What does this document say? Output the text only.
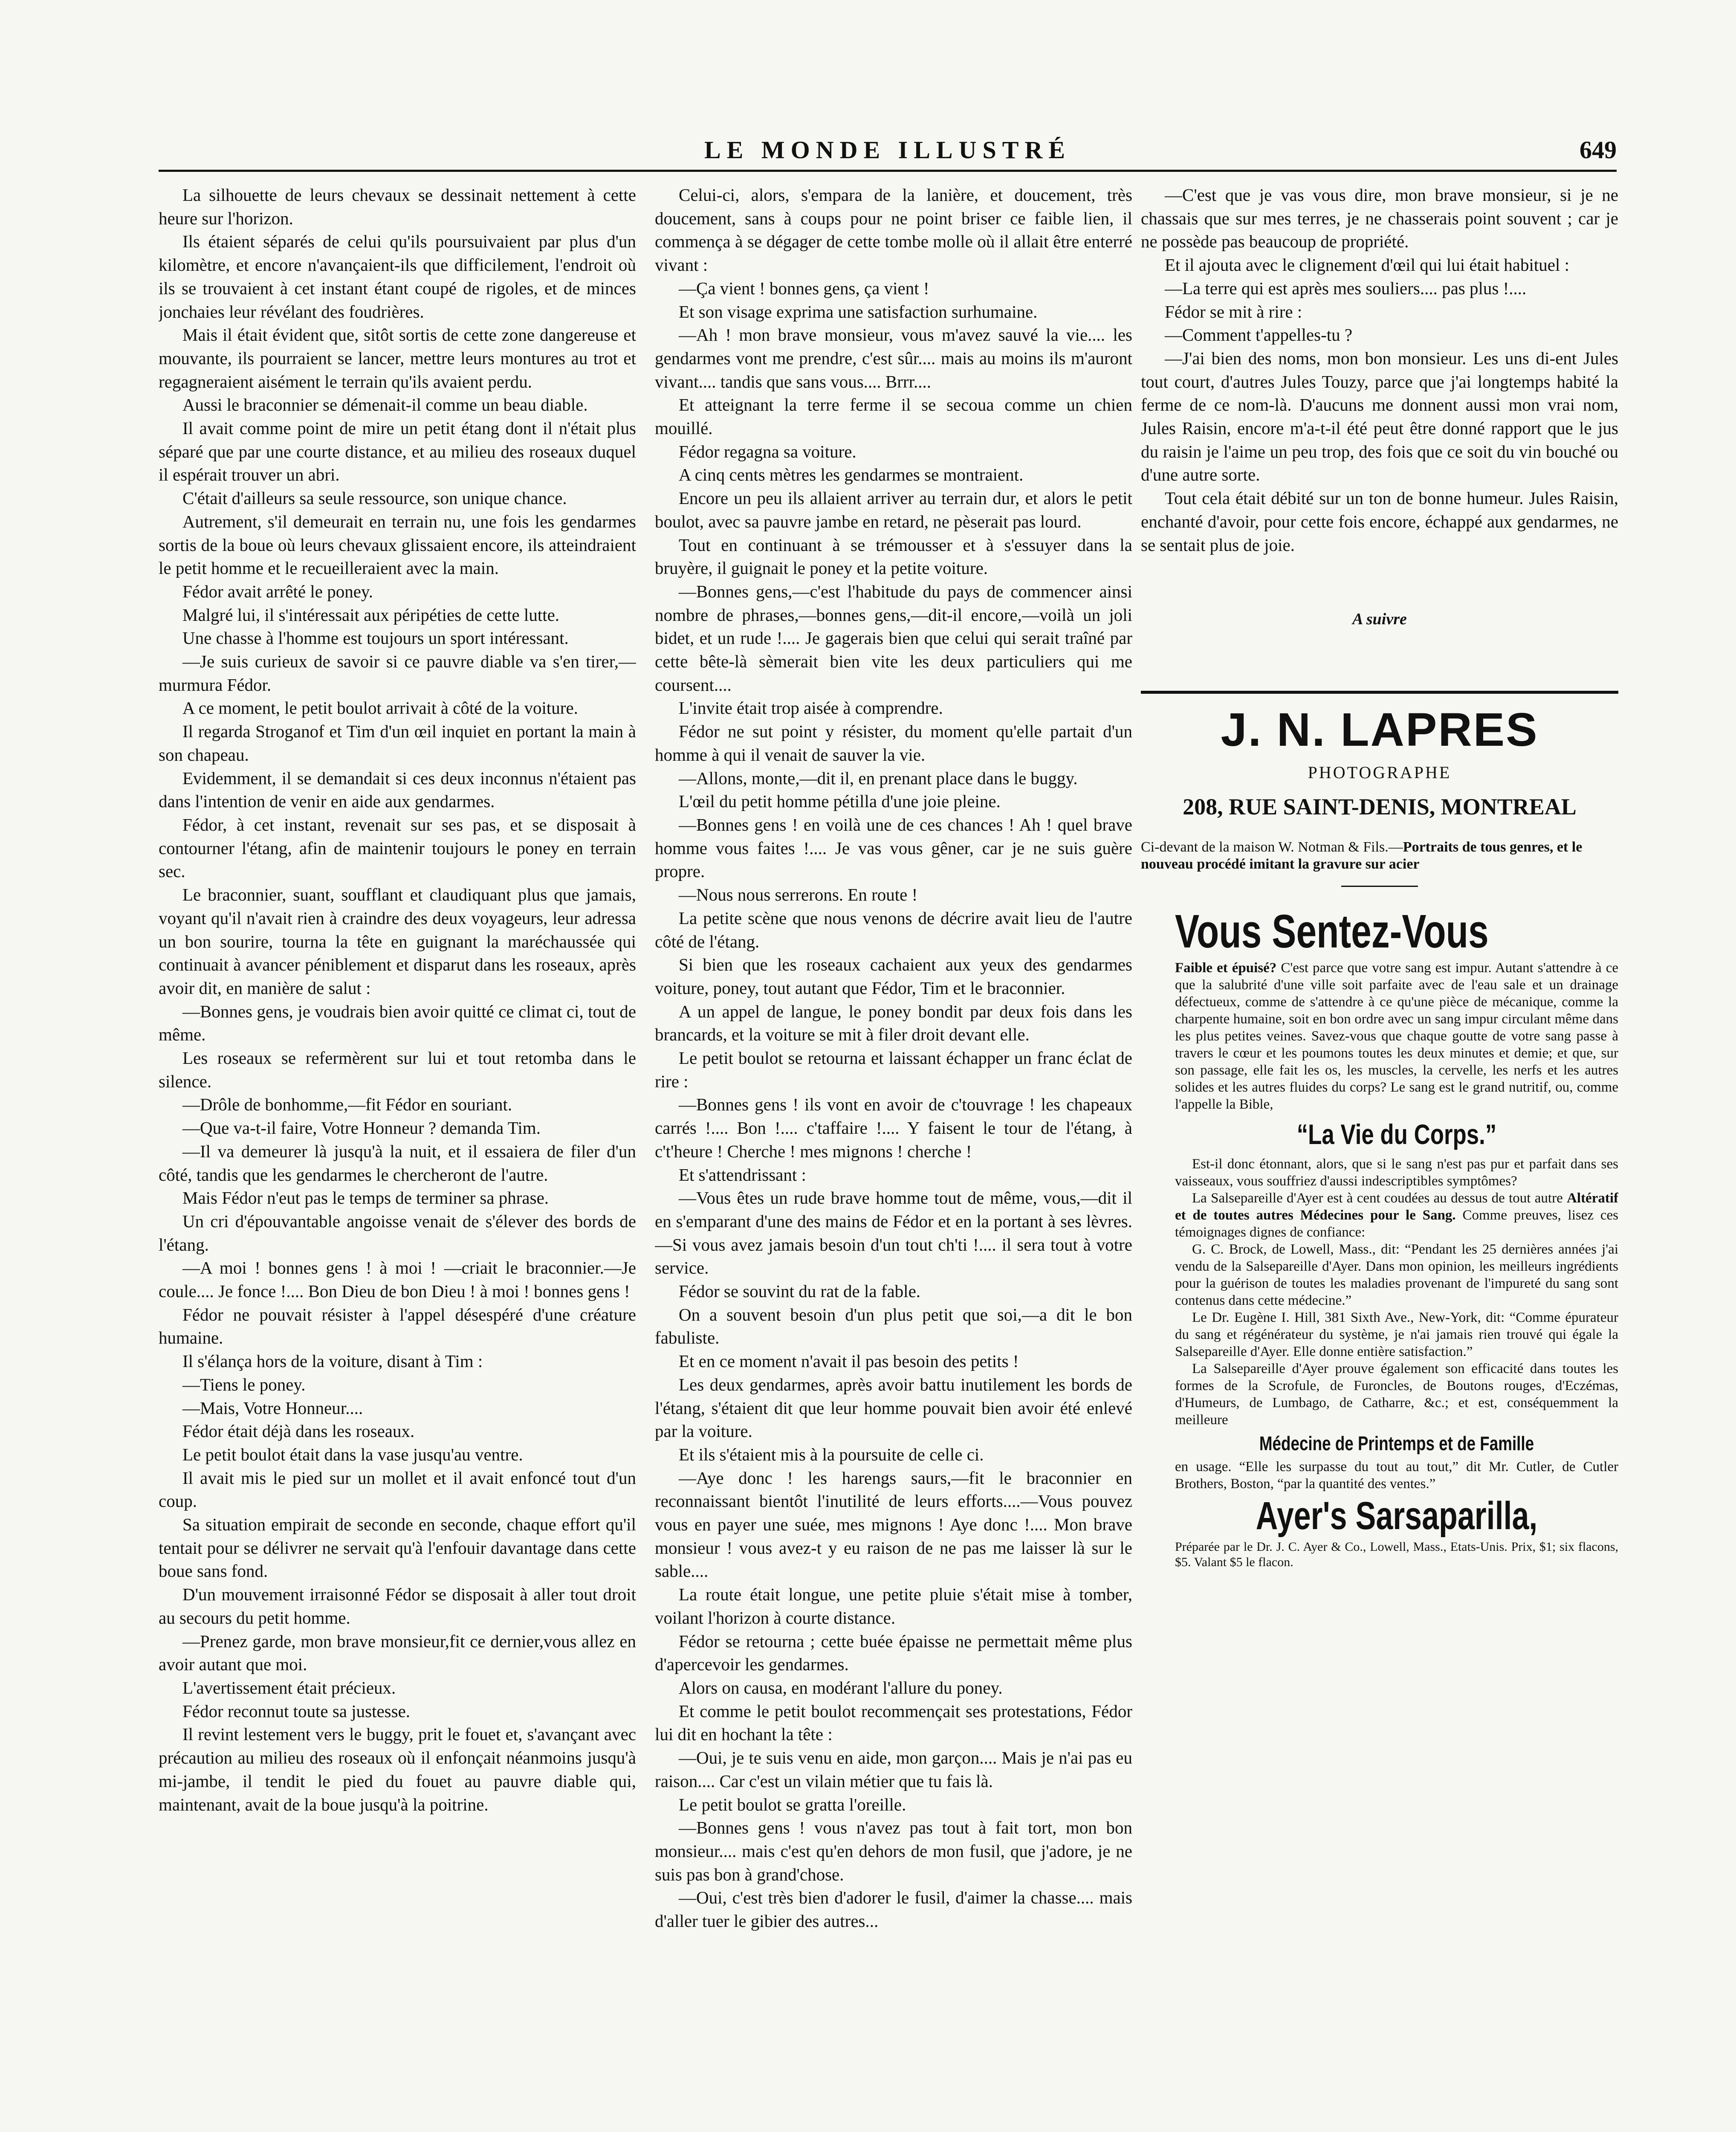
LE MONDE ILLUSTRÉ	649

La silhouette de leurs chevaux se dessinait nettement à cette heure sur l'horizon.

Ils étaient séparés de celui qu'ils poursuivaient par plus d'un kilomètre, et encore n'avançaient-ils que difficilement, l'endroit où ils se trouvaient à cet instant étant coupé de rigoles, et de minces jonchaies leur révélant des foudrières.

Mais il était évident que, sitôt sortis de cette zone dangereuse et mouvante, ils pourraient se lancer, mettre leurs montures au trot et regagneraient aisément le terrain qu'ils avaient perdu.

Aussi le braconnier se démenait-il comme un beau diable.

Il avait comme point de mire un petit étang dont il n'était plus séparé que par une courte distance, et au milieu des roseaux duquel il espérait trouver un abri.

C'était d'ailleurs sa seule ressource, son unique chance.

Autrement, s'il demeurait en terrain nu, une fois les gendarmes sortis de la boue où leurs chevaux glissaient encore, ils atteindraient le petit homme et le recueilleraient avec la main.

Fédor avait arrêté le poney.

Malgré lui, il s'intéressait aux péripéties de cette lutte.

Une chasse à l'homme est toujours un sport intéressant.

—Je suis curieux de savoir si ce pauvre diable va s'en tirer,—murmura Fédor.

A ce moment, le petit boulot arrivait à côté de la voiture.

Il regarda Stroganof et Tim d'un œil inquiet en portant la main à son chapeau.

Evidemment, il se demandait si ces deux inconnus n'étaient pas dans l'intention de venir en aide aux gendarmes.

Fédor, à cet instant, revenait sur ses pas, et se disposait à contourner l'étang, afin de maintenir toujours le poney en terrain sec.

Le braconnier, suant, soufflant et claudiquant plus que jamais, voyant qu'il n'avait rien à craindre des deux voyageurs, leur adressa un bon sourire, tourna la tête en guignant la maréchaussée qui continuait à avancer péniblement et disparut dans les roseaux, après avoir dit, en manière de salut :

—Bonnes gens, je voudrais bien avoir quitté ce climat ci, tout de même.

Les roseaux se refermèrent sur lui et tout retomba dans le silence.

—Drôle de bonhomme,—fit Fédor en souriant.

—Que va-t-il faire, Votre Honneur ? demanda Tim.

—Il va demeurer là jusqu'à la nuit, et il essaiera de filer d'un côté, tandis que les gendarmes le chercheront de l'autre.

Mais Fédor n'eut pas le temps de terminer sa phrase.

Un cri d'épouvantable angoisse venait de s'élever des bords de l'étang.

—A moi ! bonnes gens ! à moi ! —criait le braconnier.—Je coule.... Je fonce !.... Bon Dieu de bon Dieu ! à moi ! bonnes gens !

Fédor ne pouvait résister à l'appel désespéré d'une créature humaine.

Il s'élança hors de la voiture, disant à Tim :

—Tiens le poney.

—Mais, Votre Honneur....

Fédor était déjà dans les roseaux.

Le petit boulot était dans la vase jusqu'au ventre.

Il avait mis le pied sur un mollet et il avait enfoncé tout d'un coup.

Sa situation empirait de seconde en seconde, chaque effort qu'il tentait pour se délivrer ne servait qu'à l'enfouir davantage dans cette boue sans fond.

D'un mouvement irraisonné Fédor se disposait à aller tout droit au secours du petit homme.

—Prenez garde, mon brave monsieur,fit ce dernier,vous allez en avoir autant que moi.

L'avertissement était précieux.

Fédor reconnut toute sa justesse.

Il revint lestement vers le buggy, prit le fouet et, s'avançant avec précaution au milieu des roseaux où il enfonçait néanmoins jusqu'à mi-jambe, il tendit le pied du fouet au pauvre diable qui, maintenant, avait de la boue jusqu'à la poitrine.

Celui-ci, alors, s'empara de la lanière, et doucement, très doucement, sans à coups pour ne point briser ce faible lien, il commença à se dégager de cette tombe molle où il allait être enterré vivant :

—Ça vient ! bonnes gens, ça vient !

Et son visage exprima une satisfaction surhumaine.

—Ah ! mon brave monsieur, vous m'avez sauvé la vie.... les gendarmes vont me prendre, c'est sûr.... mais au moins ils m'auront vivant.... tandis que sans vous.... Brrr....

Et atteignant la terre ferme il se secoua comme un chien mouillé.

Fédor regagna sa voiture.

A cinq cents mètres les gendarmes se montraient.

Encore un peu ils allaient arriver au terrain dur, et alors le petit boulot, avec sa pauvre jambe en retard, ne pèserait pas lourd.

Tout en continuant à se trémousser et à s'essuyer dans la bruyère, il guignait le poney et la petite voiture.

—Bonnes gens,—c'est l'habitude du pays de commencer ainsi nombre de phrases,—bonnes gens,—dit-il encore,—voilà un joli bidet, et un rude !.... Je gagerais bien que celui qui serait traîné par cette bête-là sèmerait bien vite les deux particuliers qui me coursent....

L'invite était trop aisée à comprendre.

Fédor ne sut point y résister, du moment qu'elle partait d'un homme à qui il venait de sauver la vie.

—Allons, monte,—dit il, en prenant place dans le buggy.

L'œil du petit homme pétilla d'une joie pleine.

—Bonnes gens ! en voilà une de ces chances ! Ah ! quel brave homme vous faites !.... Je vas vous gêner, car je ne suis guère propre.

—Nous nous serrerons. En route !

La petite scène que nous venons de décrire avait lieu de l'autre côté de l'étang.

Si bien que les roseaux cachaient aux yeux des gendarmes voiture, poney, tout autant que Fédor, Tim et le braconnier.

A un appel de langue, le poney bondit par deux fois dans les brancards, et la voiture se mit à filer droit devant elle.

Le petit boulot se retourna et laissant échapper un franc éclat de rire :

—Bonnes gens ! ils vont en avoir de c'touvrage ! les chapeaux carrés !.... Bon !.... c'taffaire !.... Y faisent le tour de l'étang, à c't'heure ! Cherche ! mes mignons ! cherche !

Et s'attendrissant :

—Vous êtes un rude brave homme tout de même, vous,—dit il en s'emparant d'une des mains de Fédor et en la portant à ses lèvres.—Si vous avez jamais besoin d'un tout ch'ti !.... il sera tout à votre service.

Fédor se souvint du rat de la fable.

On a souvent besoin d'un plus petit que soi,—a dit le bon fabuliste.

Et en ce moment n'avait il pas besoin des petits !

Les deux gendarmes, après avoir battu inutilement les bords de l'étang, s'étaient dit que leur homme pouvait bien avoir été enlevé par la voiture.

Et ils s'étaient mis à la poursuite de celle ci.

—Aye donc ! les harengs saurs,—fit le braconnier en reconnaissant bientôt l'inutilité de leurs efforts....—Vous pouvez vous en payer une suée, mes mignons ! Aye donc !.... Mon brave monsieur ! vous avez-t y eu raison de ne pas me laisser là sur le sable....

La route était longue, une petite pluie s'était mise à tomber, voilant l'horizon à courte distance.

Fédor se retourna ; cette buée épaisse ne permettait même plus d'apercevoir les gendarmes.

Alors on causa, en modérant l'allure du poney.

Et comme le petit boulot recommençait ses protestations, Fédor lui dit en hochant la tête :

—Oui, je te suis venu en aide, mon garçon.... Mais je n'ai pas eu raison.... Car c'est un vilain métier que tu fais là.

Le petit boulot se gratta l'oreille.

—Bonnes gens ! vous n'avez pas tout à fait tort, mon bon monsieur.... mais c'est qu'en dehors de mon fusil, que j'adore, je ne suis pas bon à grand'chose.

—Oui, c'est très bien d'adorer le fusil, d'aimer la chasse.... mais d'aller tuer le gibier des autres...

—C'est que je vas vous dire, mon brave monsieur, si je ne chassais que sur mes terres, je ne chasserais point souvent ; car je ne possède pas beaucoup de propriété.

Et il ajouta avec le clignement d'œil qui lui était habituel :

—La terre qui est après mes souliers.... pas plus !....

Fédor se mit à rire :

—Comment t'appelles-tu ?

—J'ai bien des noms, mon bon monsieur. Les uns di-ent Jules tout court, d'autres Jules Touzy, parce que j'ai longtemps habité la ferme de ce nom-là. D'aucuns me donnent aussi mon vrai nom, Jules Raisin, encore m'a-t-il été peut être donné rapport que le jus du raisin je l'aime un peu trop, des fois que ce soit du vin bouché ou d'une autre sorte.

Tout cela était débité sur un ton de bonne humeur. Jules Raisin, enchanté d'avoir, pour cette fois encore, échappé aux gendarmes, ne se sentait plus de joie.

A suivre
J. N. LAPRES
PHOTOGRAPHE
208, RUE SAINT-DENIS, MONTREAL
Ci-devant de la maison W. Notman & Fils.—Portraits de tous genres, et le nouveau procédé imitant la gravure sur acier
Vous Sentez-Vous

Faible et épuisé? C'est parce que votre sang est impur. Autant s'attendre à ce que la salubrité d'une ville soit parfaite avec de l'eau sale et un drainage défectueux, comme de s'attendre à ce qu'une pièce de mécanique, comme la charpente humaine, soit en bon ordre avec un sang impur circulant même dans les plus petites veines. Savez-vous que chaque goutte de votre sang passe à travers le cœur et les poumons toutes les deux minutes et demie; et que, sur son passage, elle fait les os, les muscles, la cervelle, les nerfs et les autres solides et les autres fluides du corps? Le sang est le grand nutritif, ou, comme l'appelle la Bible,

“La Vie du Corps.”

Est-il donc étonnant, alors, que si le sang n'est pas pur et parfait dans ses vaisseaux, vous souffriez d'aussi indescriptibles symptômes?

La Salsepareille d'Ayer est à cent coudées au dessus de tout autre Altératif et de toutes autres Médecines pour le Sang. Comme preuves, lisez ces témoignages dignes de confiance:

G. C. Brock, de Lowell, Mass., dit: “Pendant les 25 dernières années j'ai vendu de la Salsepareille d'Ayer. Dans mon opinion, les meilleurs ingrédients pour la guérison de toutes les maladies provenant de l'impureté du sang sont contenus dans cette médecine.”

Le Dr. Eugène I. Hill, 381 Sixth Ave., New-York, dit: “Comme épurateur du sang et régénérateur du système, je n'ai jamais rien trouvé qui égale la Salsepareille d'Ayer. Elle donne entière satisfaction.”

La Salsepareille d'Ayer prouve également son efficacité dans toutes les formes de la Scrofule, de Furoncles, de Boutons rouges, d'Eczémas, d'Humeurs, de Lumbago, de Catharre, &c.; et est, conséquemment la meilleure

Médecine de Printemps et de Famille

en usage. “Elle les surpasse du tout au tout,” dit Mr. Cutler, de Cutler Brothers, Boston, “par la quantité des ventes.”

Ayer's Sarsaparilla,
Préparée par le Dr. J. C. Ayer & Co., Lowell, Mass., Etats-Unis. Prix, $1; six flacons, $5. Valant $5 le flacon.
